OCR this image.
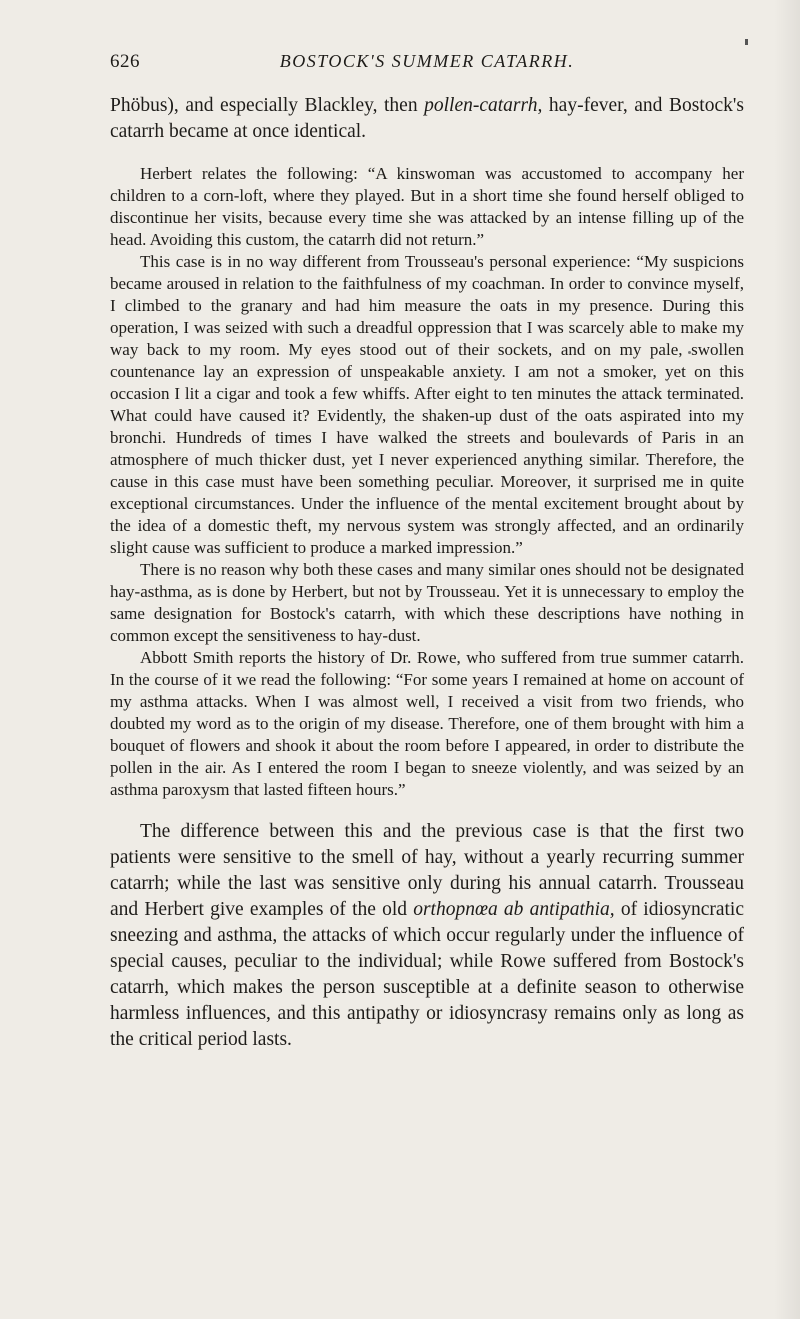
626	BOSTOCK'S SUMMER CATARRH.

Phöbus), and especially Blackley, then pollen-catarrh, hay-fever, and Bostock's catarrh became at once identical.

Herbert relates the following: “A kinswoman was accustomed to accompany her children to a corn-loft, where they played. But in a short time she found herself obliged to discontinue her visits, because every time she was attacked by an intense filling up of the head. Avoiding this custom, the catarrh did not return.”

This case is in no way different from Trousseau's personal experience: “My suspicions became aroused in relation to the faithfulness of my coachman. In order to convince myself, I climbed to the granary and had him measure the oats in my presence. During this operation, I was seized with such a dreadful oppression that I was scarcely able to make my way back to my room. My eyes stood out of their sockets, and on my pale, swollen countenance lay an expression of unspeakable anxiety. I am not a smoker, yet on this occasion I lit a cigar and took a few whiffs. After eight to ten minutes the attack terminated. What could have caused it? Evidently, the shaken-up dust of the oats aspirated into my bronchi. Hundreds of times I have walked the streets and boulevards of Paris in an atmosphere of much thicker dust, yet I never experienced anything similar. Therefore, the cause in this case must have been something peculiar. Moreover, it surprised me in quite exceptional circumstances. Under the influence of the mental excitement brought about by the idea of a domestic theft, my nervous system was strongly affected, and an ordinarily slight cause was sufficient to produce a marked impression.”

There is no reason why both these cases and many similar ones should not be designated hay-asthma, as is done by Herbert, but not by Trousseau. Yet it is unnecessary to employ the same designation for Bostock's catarrh, with which these descriptions have nothing in common except the sensitiveness to hay-dust.

Abbott Smith reports the history of Dr. Rowe, who suffered from true summer catarrh. In the course of it we read the following: “For some years I remained at home on account of my asthma attacks. When I was almost well, I received a visit from two friends, who doubted my word as to the origin of my disease. Therefore, one of them brought with him a bouquet of flowers and shook it about the room before I appeared, in order to distribute the pollen in the air. As I entered the room I began to sneeze violently, and was seized by an asthma paroxysm that lasted fifteen hours.”

The difference between this and the previous case is that the first two patients were sensitive to the smell of hay, without a yearly recurring summer catarrh; while the last was sensitive only during his annual catarrh. Trousseau and Herbert give examples of the old orthopnœa ab antipathia, of idiosyncratic sneezing and asthma, the attacks of which occur regularly under the influence of special causes, peculiar to the individual; while Rowe suffered from Bostock's catarrh, which makes the person susceptible at a definite season to otherwise harmless influences, and this antipathy or idiosyncrasy remains only as long as the critical period lasts.
